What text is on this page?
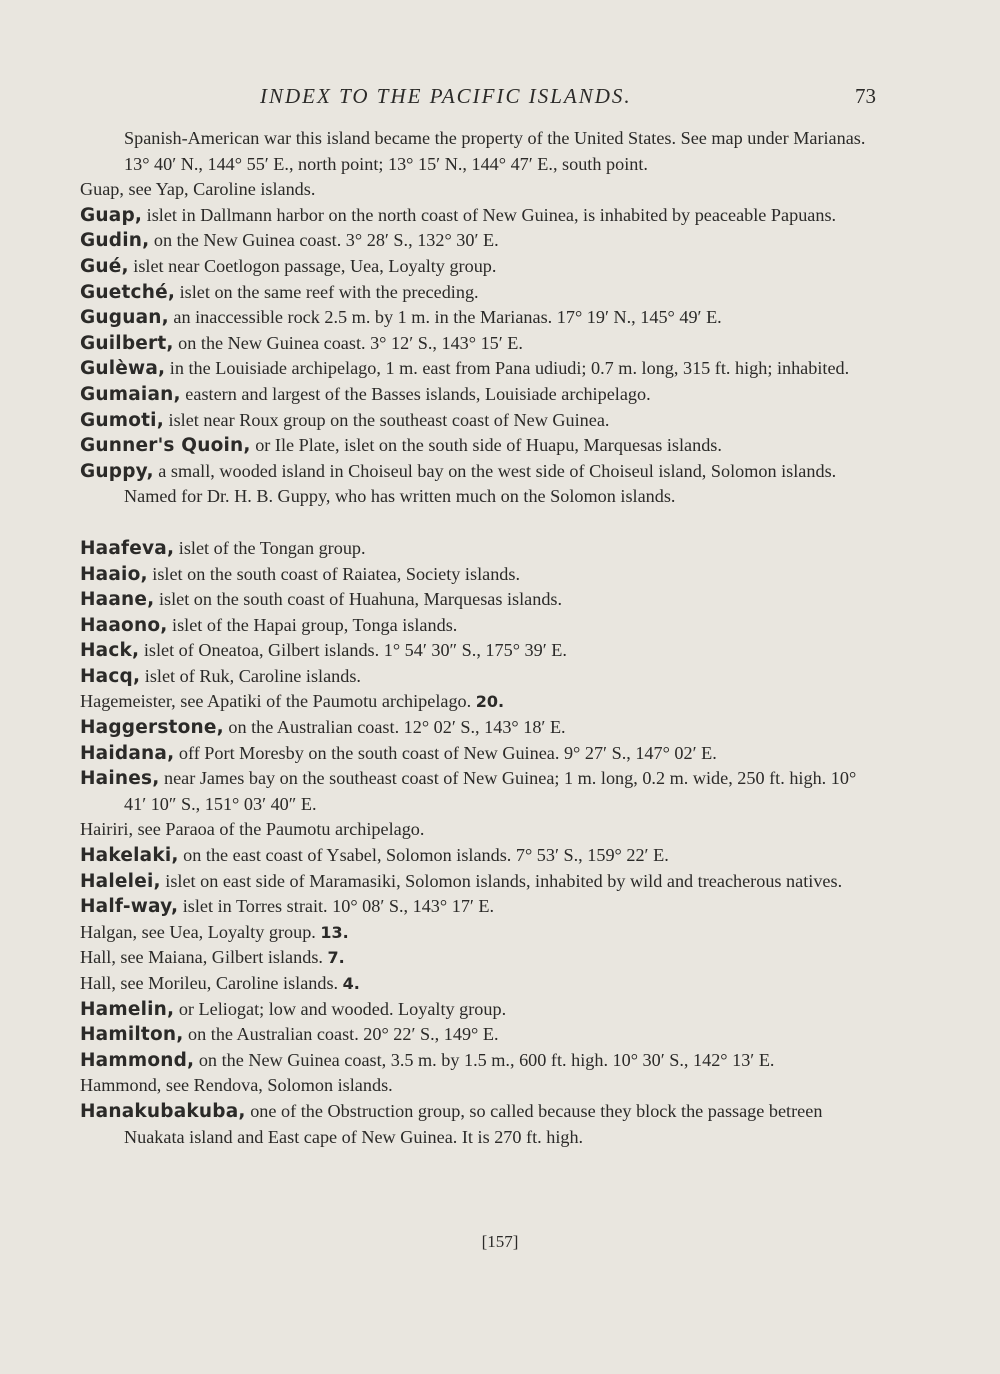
INDEX TO THE PACIFIC ISLANDS.	73
Spanish-American war this island became the property of the United States. See map under Marianas. 13° 40′ N., 144° 55′ E., north point; 13° 15′ N., 144° 47′ E., south point.
Guap, see Yap, Caroline islands.
Guap, islet in Dallmann harbor on the north coast of New Guinea, is inhabited by peaceable Papuans.
Gudin, on the New Guinea coast. 3° 28′ S., 132° 30′ E.
Gué, islet near Coetlogon passage, Uea, Loyalty group.
Guetché, islet on the same reef with the preceding.
Guguan, an inaccessible rock 2.5 m. by 1 m. in the Marianas. 17° 19′ N., 145° 49′ E.
Guilbert, on the New Guinea coast. 3° 12′ S., 143° 15′ E.
Gulèwa, in the Louisiade archipelago, 1 m. east from Pana udiudi; 0.7 m. long, 315 ft. high; inhabited.
Gumaian, eastern and largest of the Basses islands, Louisiade archipelago.
Gumoti, islet near Roux group on the southeast coast of New Guinea.
Gunner's Quoin, or Ile Plate, islet on the south side of Huapu, Marquesas islands.
Guppy, a small, wooded island in Choiseul bay on the west side of Choiseul island, Solomon islands. Named for Dr. H. B. Guppy, who has written much on the Solomon islands.
Haafeva, islet of the Tongan group.
Haaio, islet on the south coast of Raiatea, Society islands.
Haane, islet on the south coast of Huahuna, Marquesas islands.
Haaono, islet of the Hapai group, Tonga islands.
Hack, islet of Oneatoa, Gilbert islands. 1° 54′ 30″ S., 175° 39′ E.
Hacq, islet of Ruk, Caroline islands.
Hagemeister, see Apatiki of the Paumotu archipelago. 20.
Haggerstone, on the Australian coast. 12° 02′ S., 143° 18′ E.
Haidana, off Port Moresby on the south coast of New Guinea. 9° 27′ S., 147° 02′ E.
Haines, near James bay on the southeast coast of New Guinea; 1 m. long, 0.2 m. wide, 250 ft. high. 10° 41′ 10″ S., 151° 03′ 40″ E.
Hairiri, see Paraoa of the Paumotu archipelago.
Hakelaki, on the east coast of Ysabel, Solomon islands. 7° 53′ S., 159° 22′ E.
Halelei, islet on east side of Maramasiki, Solomon islands, inhabited by wild and treacherous natives.
Half-way, islet in Torres strait. 10° 08′ S., 143° 17′ E.
Halgan, see Uea, Loyalty group. 13.
Hall, see Maiana, Gilbert islands. 7.
Hall, see Morileu, Caroline islands. 4.
Hamelin, or Leliogat; low and wooded. Loyalty group.
Hamilton, on the Australian coast. 20° 22′ S., 149° E.
Hammond, on the New Guinea coast, 3.5 m. by 1.5 m., 600 ft. high. 10° 30′ S., 142° 13′ E.
Hammond, see Rendova, Solomon islands.
Hanakubakuba, one of the Obstruction group, so called because they block the passage betreen Nuakata island and East cape of New Guinea. It is 270 ft. high.
[157]
